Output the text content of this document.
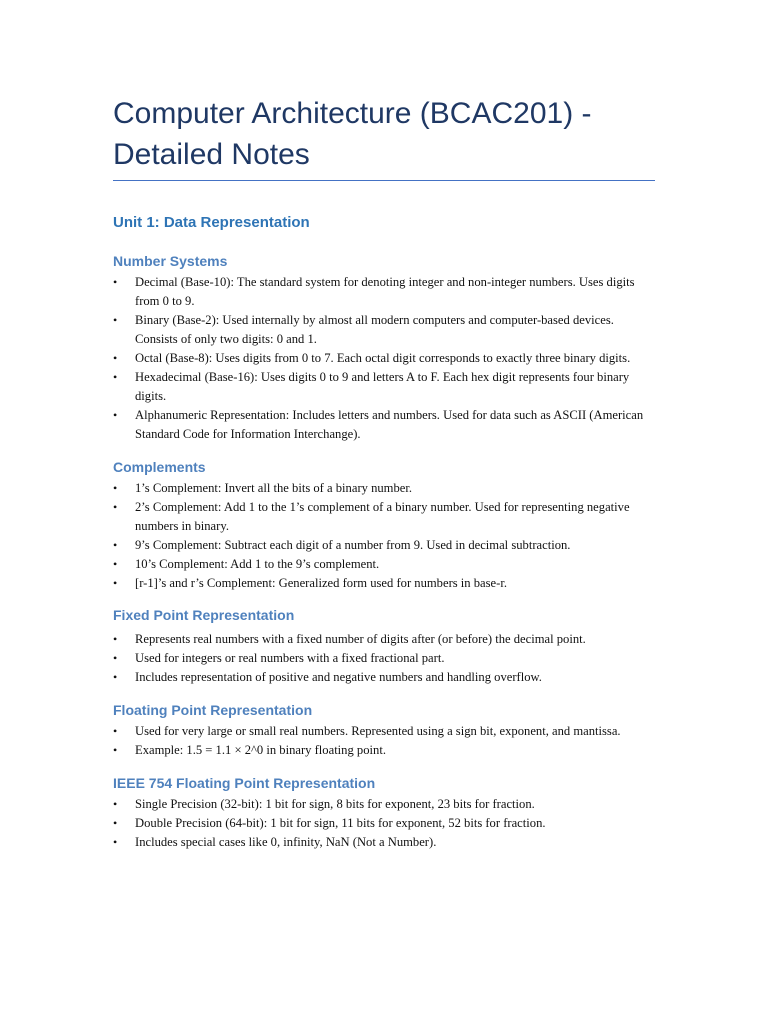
Computer Architecture (BCAC201) -
Detailed Notes
Unit 1: Data Representation
Number Systems
• Decimal (Base-10): The standard system for denoting integer and non-integer numbers. Uses digits from 0 to 9.
• Binary (Base-2): Used internally by almost all modern computers and computer-based devices. Consists of only two digits: 0 and 1.
• Octal (Base-8): Uses digits from 0 to 7. Each octal digit corresponds to exactly three binary digits.
• Hexadecimal (Base-16): Uses digits 0 to 9 and letters A to F. Each hex digit represents four binary digits.
• Alphanumeric Representation: Includes letters and numbers. Used for data such as ASCII (American Standard Code for Information Interchange).
Complements
• 1’s Complement: Invert all the bits of a binary number.
• 2’s Complement: Add 1 to the 1’s complement of a binary number. Used for representing negative numbers in binary.
• 9’s Complement: Subtract each digit of a number from 9. Used in decimal subtraction.
• 10’s Complement: Add 1 to the 9’s complement.
• [r-1]’s and r’s Complement: Generalized form used for numbers in base-r.
Fixed Point Representation
• Represents real numbers with a fixed number of digits after (or before) the decimal point.
• Used for integers or real numbers with a fixed fractional part.
• Includes representation of positive and negative numbers and handling overflow.
Floating Point Representation
• Used for very large or small real numbers. Represented using a sign bit, exponent, and mantissa.
• Example: 1.5 = 1.1 × 2^0 in binary floating point.
IEEE 754 Floating Point Representation
• Single Precision (32-bit): 1 bit for sign, 8 bits for exponent, 23 bits for fraction.
• Double Precision (64-bit): 1 bit for sign, 11 bits for exponent, 52 bits for fraction.
• Includes special cases like 0, infinity, NaN (Not a Number).
